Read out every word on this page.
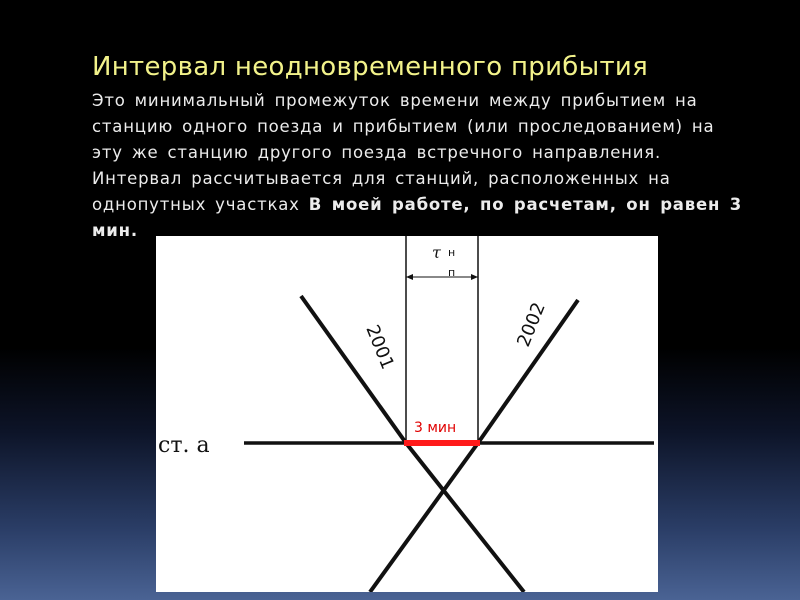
Интервал неодновременного прибытия

Это минимальный промежуток времени между прибытием на станцию одного поезда и прибытием (или проследованием) на эту же станцию другого поезда встречного направления. Интервал рассчитывается для станций, расположенных на однопутных участках В моей работе, по расчетам, он равен 3 мин.

ст. а
2001	2002
τ н
п
3 мин
